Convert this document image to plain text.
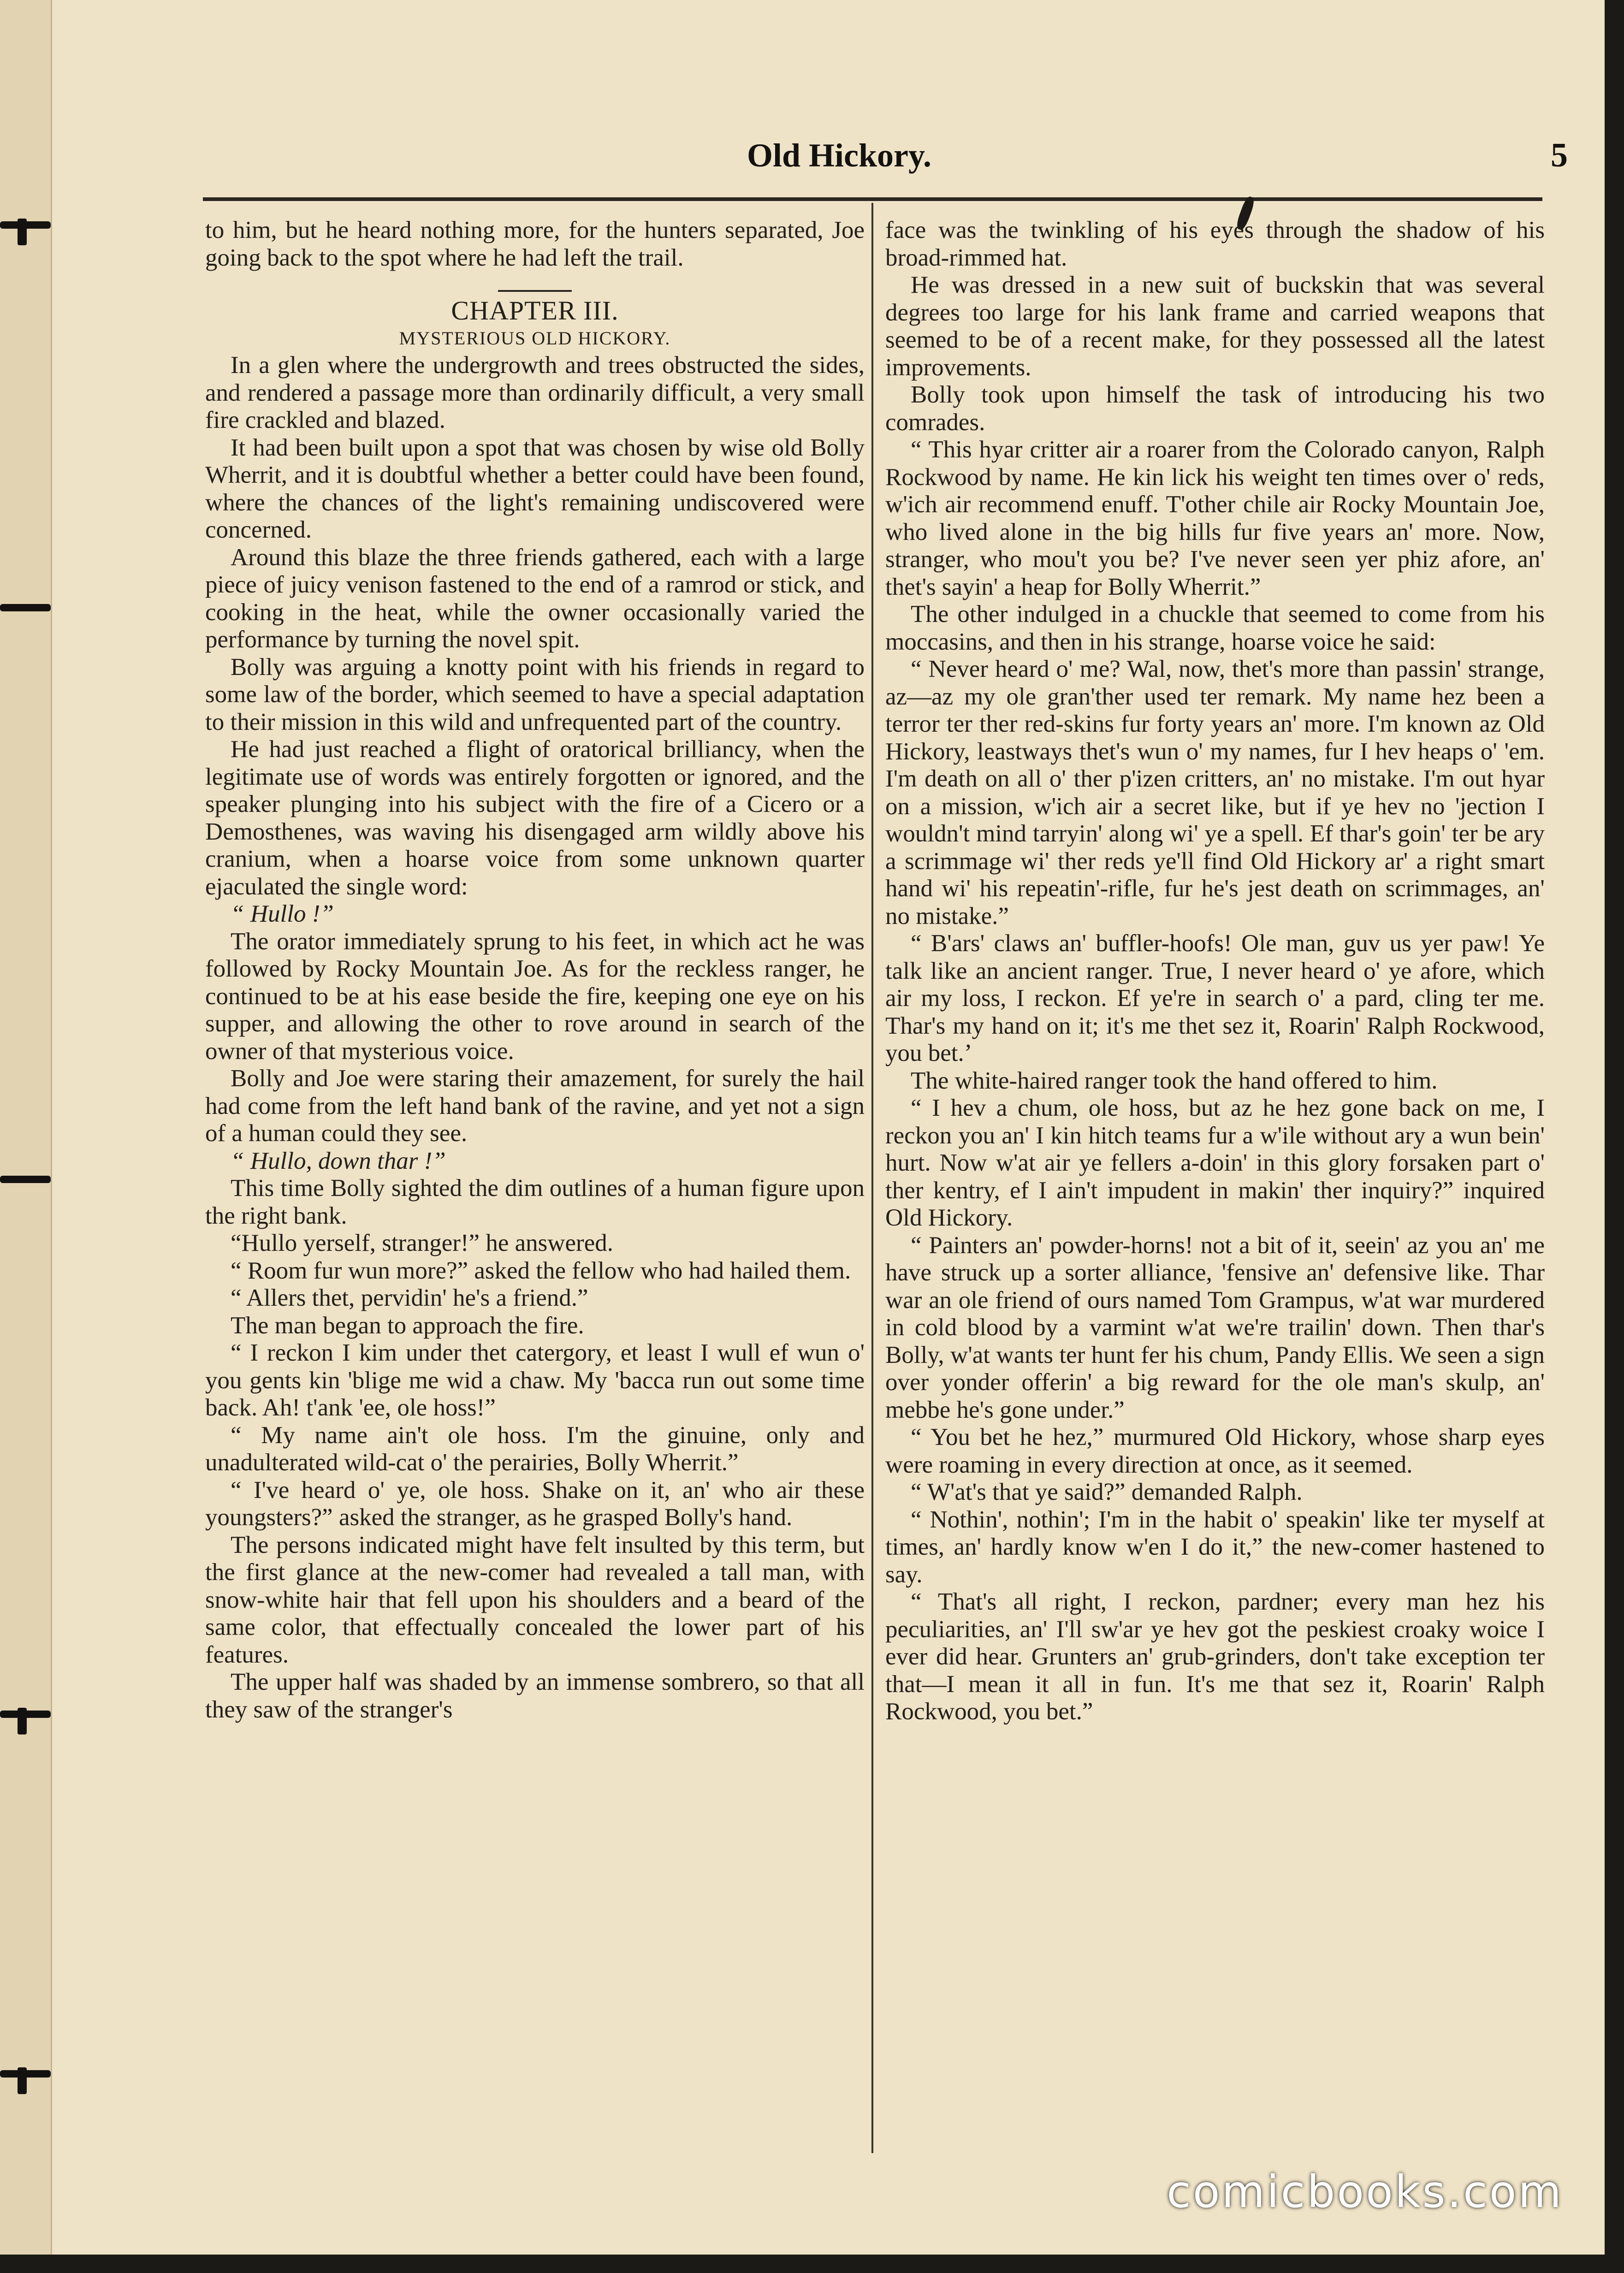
Old Hickory.	5

to him, but he heard nothing more, for the hunters separated, Joe going back to the spot where he had left the trail.

CHAPTER III.
MYSTERIOUS OLD HICKORY.

In a glen where the undergrowth and trees obstructed the sides, and rendered a passage more than ordinarily difficult, a very small fire crackled and blazed.

It had been built upon a spot that was chosen by wise old Bolly Wherrit, and it is doubtful whether a better could have been found, where the chances of the light's remaining undiscovered were concerned.

Around this blaze the three friends gathered, each with a large piece of juicy venison fastened to the end of a ramrod or stick, and cooking in the heat, while the owner occasionally varied the performance by turning the novel spit.

Bolly was arguing a knotty point with his friends in regard to some law of the border, which seemed to have a special adaptation to their mission in this wild and unfrequented part of the country.

He had just reached a flight of oratorical brilliancy, when the legitimate use of words was entirely forgotten or ignored, and the speaker plunging into his subject with the fire of a Cicero or a Demosthenes, was waving his disengaged arm wildly above his cranium, when a hoarse voice from some unknown quarter ejaculated the single word:

“ Hullo !”

The orator immediately sprung to his feet, in which act he was followed by Rocky Mountain Joe. As for the reckless ranger, he continued to be at his ease beside the fire, keeping one eye on his supper, and allowing the other to rove around in search of the owner of that mysterious voice.

Bolly and Joe were staring their amazement, for surely the hail had come from the left hand bank of the ravine, and yet not a sign of a human could they see.

“ Hullo, down thar !”

This time Bolly sighted the dim outlines of a human figure upon the right bank.

“Hullo yerself, stranger!” he answered.

“ Room fur wun more?” asked the fellow who had hailed them.

“ Allers thet, pervidin' he's a friend.”

The man began to approach the fire.

“ I reckon I kim under thet catergory, et least I wull ef wun o' you gents kin 'blige me wid a chaw. My 'bacca run out some time back. Ah! t'ank 'ee, ole hoss!”

“ My name ain't ole hoss. I'm the ginuine, only and unadulterated wild-cat o' the perairies, Bolly Wherrit.”

“ I've heard o' ye, ole hoss. Shake on it, an' who air these youngsters?” asked the stranger, as he grasped Bolly's hand.

The persons indicated might have felt insulted by this term, but the first glance at the new-comer had revealed a tall man, with snow-white hair that fell upon his shoulders and a beard of the same color, that effectually concealed the lower part of his features.

The upper half was shaded by an immense sombrero, so that all they saw of the stranger's

face was the twinkling of his eyes through the shadow of his broad-rimmed hat.

He was dressed in a new suit of buckskin that was several degrees too large for his lank frame and carried weapons that seemed to be of a recent make, for they possessed all the latest improvements.

Bolly took upon himself the task of introducing his two comrades.

“ This hyar critter air a roarer from the Colorado canyon, Ralph Rockwood by name. He kin lick his weight ten times over o' reds, w'ich air recommend enuff. T'other chile air Rocky Mountain Joe, who lived alone in the big hills fur five years an' more. Now, stranger, who mou't you be? I've never seen yer phiz afore, an' thet's sayin' a heap for Bolly Wherrit.”

The other indulged in a chuckle that seemed to come from his moccasins, and then in his strange, hoarse voice he said:

“ Never heard o' me? Wal, now, thet's more than passin' strange, az—az my ole gran'ther used ter remark. My name hez been a terror ter ther red-skins fur forty years an' more. I'm known az Old Hickory, leastways thet's wun o' my names, fur I hev heaps o' 'em. I'm death on all o' ther p'izen critters, an' no mistake. I'm out hyar on a mission, w'ich air a secret like, but if ye hev no 'jection I wouldn't mind tarryin' along wi' ye a spell. Ef thar's goin' ter be ary a scrimmage wi' ther reds ye'll find Old Hickory ar' a right smart hand wi' his repeatin'-rifle, fur he's jest death on scrimmages, an' no mistake.”

“ B'ars' claws an' buffler-hoofs! Ole man, guv us yer paw! Ye talk like an ancient ranger. True, I never heard o' ye afore, which air my loss, I reckon. Ef ye're in search o' a pard, cling ter me. Thar's my hand on it; it's me thet sez it, Roarin' Ralph Rockwood, you bet.’

The white-haired ranger took the hand offered to him.

“ I hev a chum, ole hoss, but az he hez gone back on me, I reckon you an' I kin hitch teams fur a w'ile without ary a wun bein' hurt. Now w'at air ye fellers a-doin' in this glory forsaken part o' ther kentry, ef I ain't impudent in makin' ther inquiry?” inquired Old Hickory.

“ Painters an' powder-horns! not a bit of it, seein' az you an' me have struck up a sorter alliance, 'fensive an' defensive like. Thar war an ole friend of ours named Tom Grampus, w'at war murdered in cold blood by a varmint w'at we're trailin' down. Then thar's Bolly, w'at wants ter hunt fer his chum, Pandy Ellis. We seen a sign over yonder offerin' a big reward for the ole man's skulp, an' mebbe he's gone under.”

“ You bet he hez,” murmured Old Hickory, whose sharp eyes were roaming in every direction at once, as it seemed.

“ W'at's that ye said?” demanded Ralph.

“ Nothin', nothin'; I'm in the habit o' speakin' like ter myself at times, an' hardly know w'en I do it,” the new-comer hastened to say.

“ That's all right, I reckon, pardner; every man hez his peculiarities, an' I'll sw'ar ye hev got the peskiest croaky woice I ever did hear. Grunters an' grub-grinders, don't take exception ter that—I mean it all in fun. It's me that sez it, Roarin' Ralph Rockwood, you bet.”

comicbooks.com
